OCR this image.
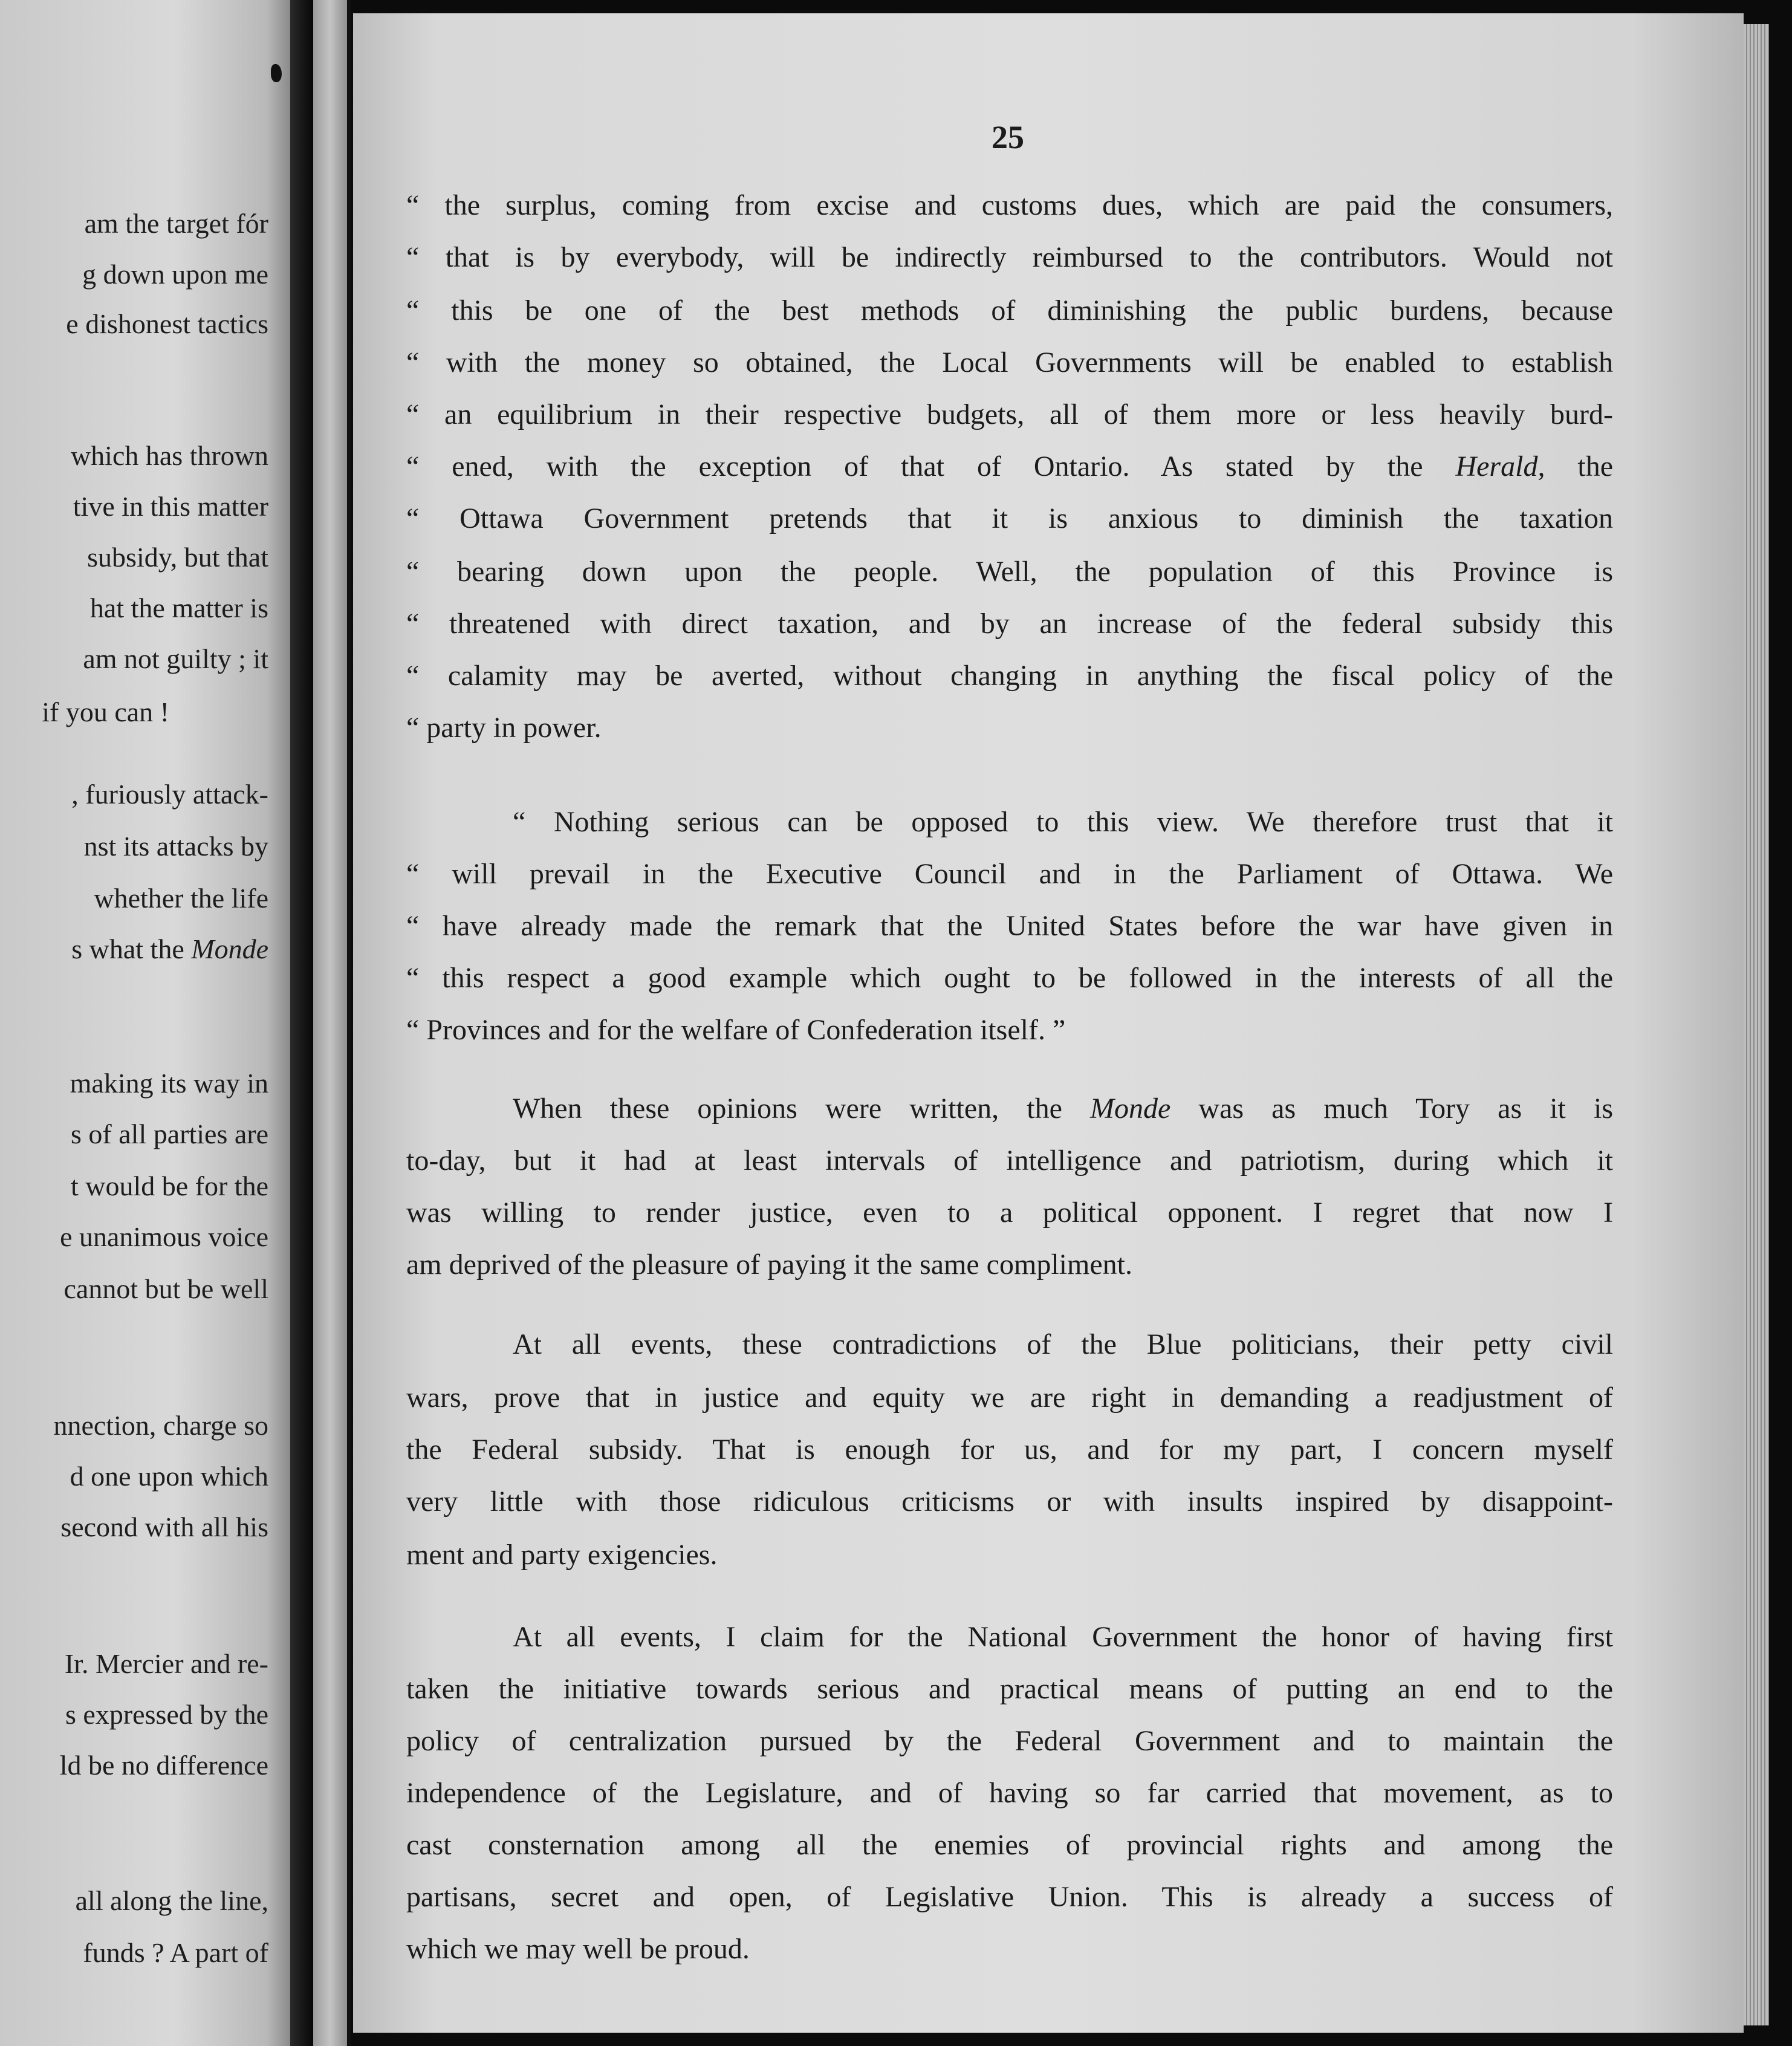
am the target fór
g down upon me
e dishonest tactics
which has thrown
tive in this matter
subsidy, but that
hat the matter is
am not guilty ; it
if you can !
, furiously attack-
nst its attacks by
whether the life
s what the Monde
making its way in
s of all parties are
t would be for the
e unanimous voice
cannot but be well
nnection, charge so
d one upon which
second with all his
Ir. Mercier and re-
s expressed by the
ld be no difference
all along the line,
funds ? A part of
25
“ the surplus, coming from excise and customs dues, which are paid the consumers,
“ that is by everybody, will be indirectly reimbursed to the contributors. Would not
“ this be one of the best methods of diminishing the public burdens, because
“ with the money so obtained, the Local Governments will be enabled to establish
“ an equilibrium in their respective budgets, all of them more or less heavily burd-
“ ened, with the exception of that of Ontario. As stated by the Herald, the
“ Ottawa Government pretends that it is anxious to diminish the taxation
“ bearing down upon the people. Well, the population of this Province is
“ threatened with direct taxation, and by an increase of the federal subsidy this
“ calamity may be averted, without changing in anything the fiscal policy of the
“ party in power.
“ Nothing serious can be opposed to this view. We therefore trust that it
“ will prevail in the Executive Council and in the Parliament of Ottawa. We
“ have already made the remark that the United States before the war have given in
“ this respect a good example which ought to be followed in the interests of all the
“ Provinces and for the welfare of Confederation itself. ”
When these opinions were written, the Monde was as much Tory as it is
to-day, but it had at least intervals of intelligence and patriotism, during which it
was willing to render justice, even to a political opponent. I regret that now I
am deprived of the pleasure of paying it the same compliment.
At all events, these contradictions of the Blue politicians, their petty civil
wars, prove that in justice and equity we are right in demanding a readjustment of
the Federal subsidy. That is enough for us, and for my part, I concern myself
very little with those ridiculous criticisms or with insults inspired by disappoint-
ment and party exigencies.
At all events, I claim for the National Government the honor of having first
taken the initiative towards serious and practical means of putting an end to the
policy of centralization pursued by the Federal Government and to maintain the
independence of the Legislature, and of having so far carried that movement, as to
cast consternation among all the enemies of provincial rights and among the
partisans, secret and open, of Legislative Union. This is already a success of
which we may well be proud.
